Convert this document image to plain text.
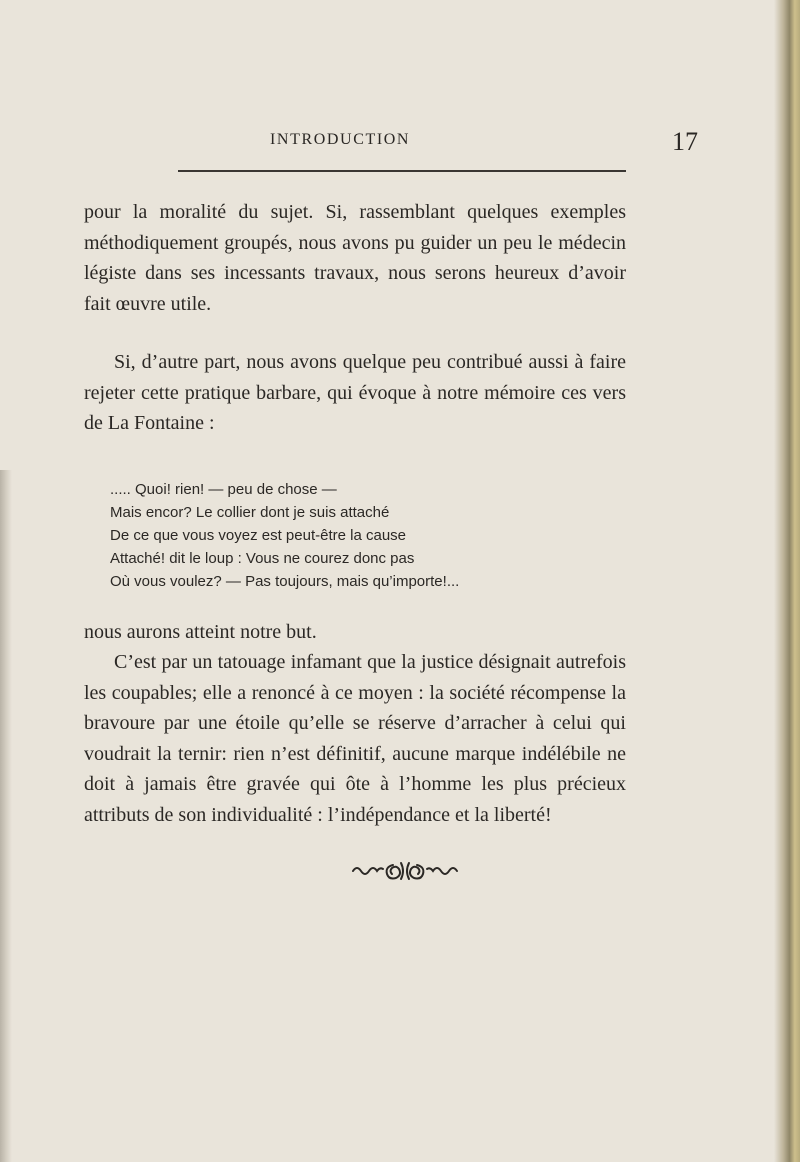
INTRODUCTION	17
pour la moralité du sujet. Si, rassemblant quelques exemples méthodiquement groupés, nous avons pu guider un peu le médecin légiste dans ses incessants travaux, nous serons heureux d’avoir fait œuvre utile.
Si, d’autre part, nous avons quelque peu contribué aussi à faire rejeter cette pratique barbare, qui évoque à notre mémoire ces vers de La Fontaine :
..... Quoi! rien! — peu de chose —
Mais encor? Le collier dont je suis attaché
De ce que vous voyez est peut-être la cause
Attaché! dit le loup : Vous ne courez donc pas
Où vous voulez? — Pas toujours, mais qu’importe!...
nous aurons atteint notre but.
C’est par un tatouage infamant que la justice désignait autrefois les coupables; elle a renoncé à ce moyen : la société récompense la bravoure par une étoile qu’elle se réserve d’arracher à celui qui voudrait la ternir: rien n’est définitif, aucune marque indélébile ne doit à jamais être gravée qui ôte à l’homme les plus précieux attributs de son individualité : l’indépendance et la liberté!
